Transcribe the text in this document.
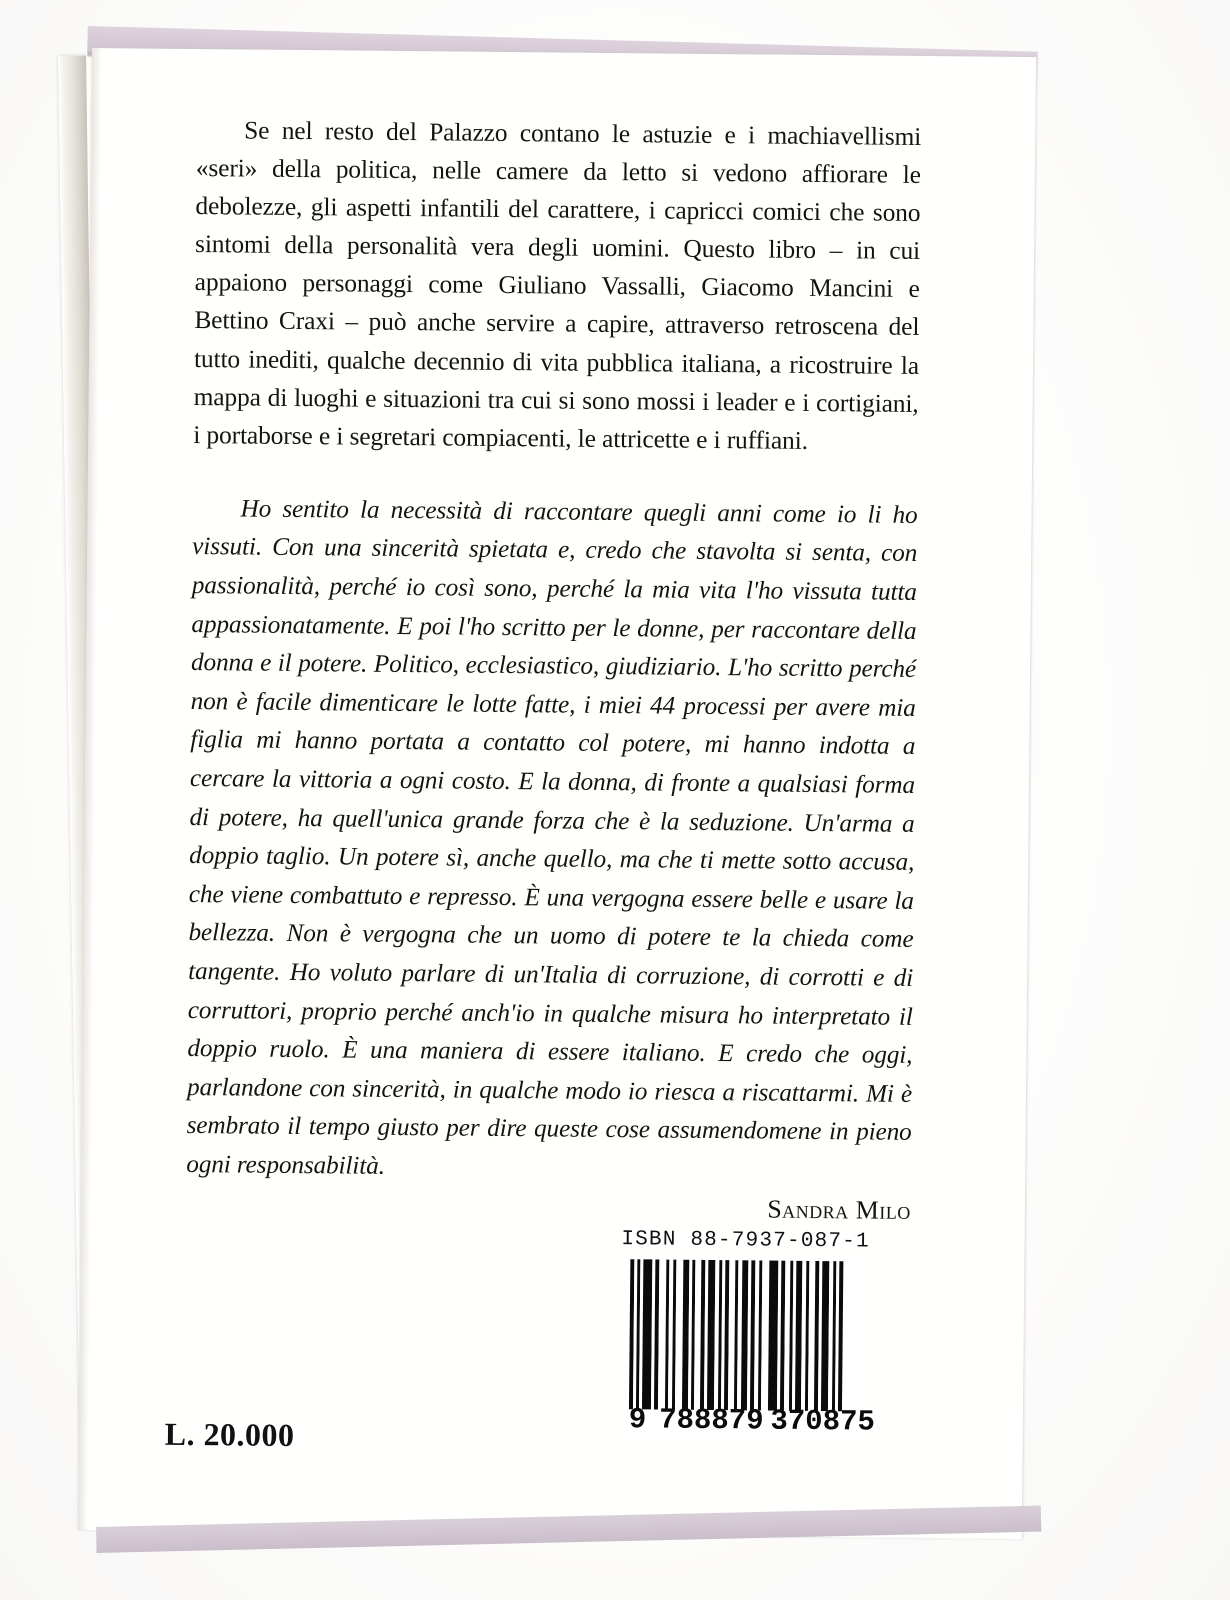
Se nel resto del Palazzo contano le astuzie e i machiavellismi «seri» della politica, nelle camere da letto si vedono affiorare le debolezze, gli aspetti infantili del carattere, i capricci comici che sono sintomi della personalità vera degli uomini. Questo libro – in cui appaiono personaggi come Giuliano Vassalli, Giacomo Mancini e Bettino Craxi – può anche servire a capire, attraverso retroscena del tutto inediti, qualche decennio di vita pubblica italiana, a ricostruire la mappa di luoghi e situazioni tra cui si sono mossi i leader e i cortigiani, i portaborse e i segretari compiacenti, le attricette e i ruffiani.

Ho sentito la necessità di raccontare quegli anni come io li ho vissuti. Con una sincerità spietata e, credo che stavolta si senta, con passionalità, perché io così sono, perché la mia vita l'ho vissuta tutta appassionatamente. E poi l'ho scritto per le donne, per raccontare della donna e il potere. Politico, ecclesiastico, giudiziario. L'ho scritto perché non è facile dimenticare le lotte fatte, i miei 44 processi per avere mia figlia mi hanno portata a contatto col potere, mi hanno indotta a cercare la vittoria a ogni costo. E la donna, di fronte a qualsiasi forma di potere, ha quell'unica grande forza che è la seduzione. Un'arma a doppio taglio. Un potere sì, anche quello, ma che ti mette sotto accusa, che viene combattuto e represso. È una vergogna essere belle e usare la bellezza. Non è vergogna che un uomo di potere te la chieda come tangente. Ho voluto parlare di un'Italia di corruzione, di corrotti e di corruttori, proprio perché anch'io in qualche misura ho interpretato il doppio ruolo. È una maniera di essere italiano. E credo che oggi, parlandone con sincerità, in qualche modo io riesca a riscattarmi. Mi è sembrato il tempo giusto per dire queste cose assumendomene in pieno ogni responsabilità.

Sandra Milo

ISBN 88-7937-087-1
9 788879 370875
L. 20.000
